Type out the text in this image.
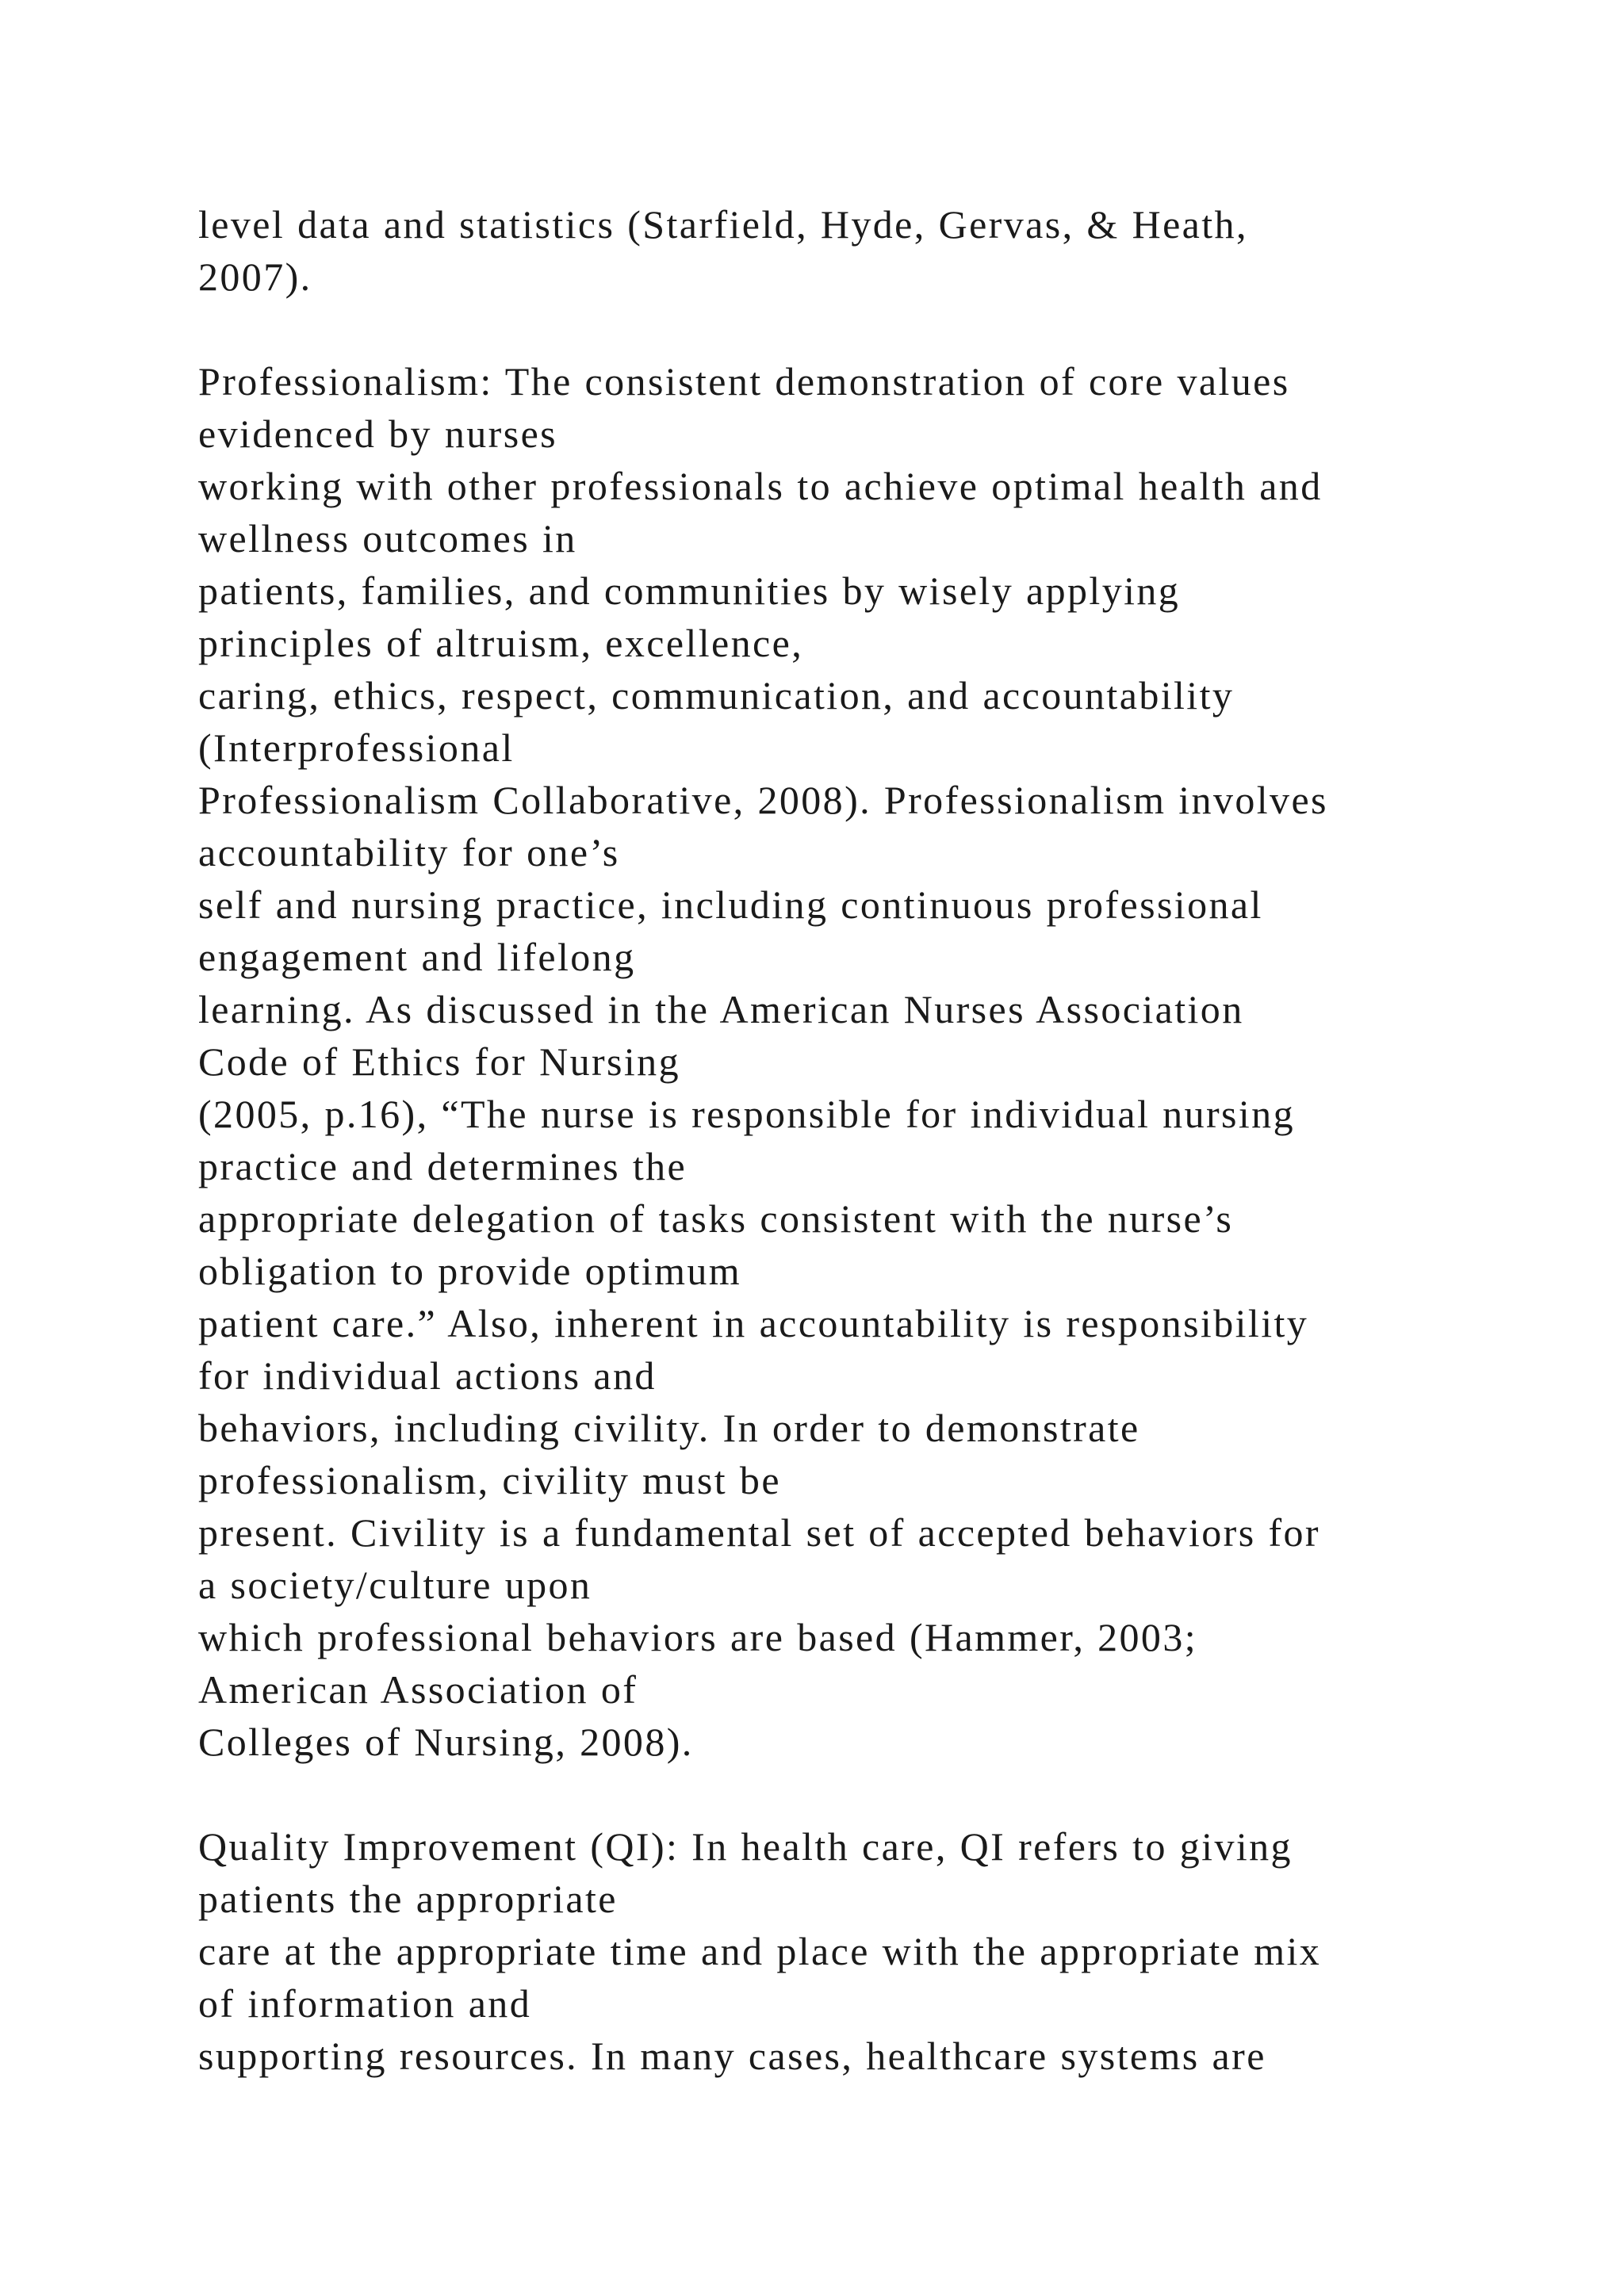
level data and statistics (Starfield, Hyde, Gervas, & Heath,
2007).
Professionalism: The consistent demonstration of core values
evidenced by nurses
working with other professionals to achieve optimal health and
wellness outcomes in
patients, families, and communities by wisely applying
principles of altruism, excellence,
caring, ethics, respect, communication, and accountability
(Interprofessional
Professionalism Collaborative, 2008). Professionalism involves
accountability for one’s
self and nursing practice, including continuous professional
engagement and lifelong
learning. As discussed in the American Nurses Association
Code of Ethics for Nursing
(2005, p.16), “The nurse is responsible for individual nursing
practice and determines the
appropriate delegation of tasks consistent with the nurse’s
obligation to provide optimum
patient care.” Also, inherent in accountability is responsibility
for individual actions and
behaviors, including civility. In order to demonstrate
professionalism, civility must be
present. Civility is a fundamental set of accepted behaviors for
a society/culture upon
which professional behaviors are based (Hammer, 2003;
American Association of
Colleges of Nursing, 2008).
Quality Improvement (QI): In health care, QI refers to giving
patients the appropriate
care at the appropriate time and place with the appropriate mix
of information and
supporting resources. In many cases, healthcare systems are
